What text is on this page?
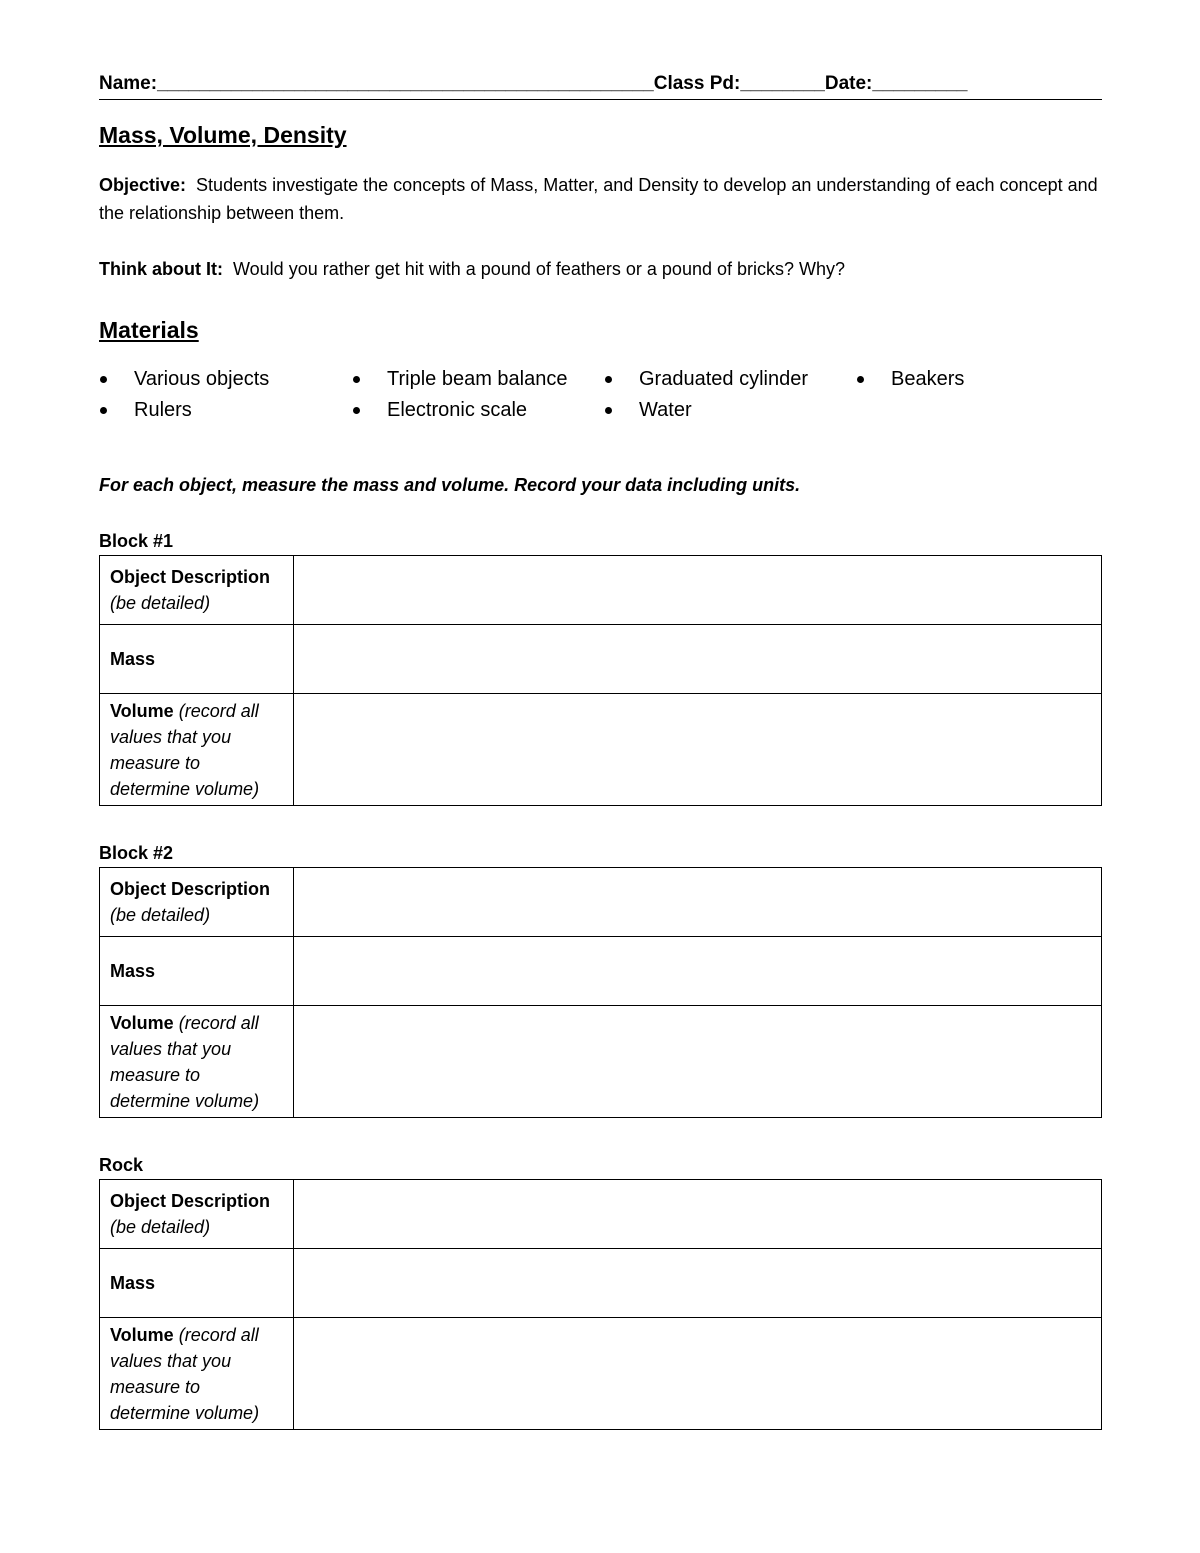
Name:_______________________________________________Class Pd:________Date:_________
Mass, Volume, Density
Objective: Students investigate the concepts of Mass, Matter, and Density to develop an understanding of each concept and the relationship between them.
Think about It: Would you rather get hit with a pound of feathers or a pound of bricks? Why?
Materials
Various objects
Rulers
Triple beam balance
Electronic scale
Graduated cylinder
Water
Beakers
For each object, measure the mass and volume. Record your data including units.
Block #1
Object Description
(be detailed)	
Mass	
Volume (record all values that you measure to determine volume)	
Block #2
Object Description
(be detailed)	
Mass	
Volume (record all values that you measure to determine volume)	
Rock
Object Description
(be detailed)	
Mass	
Volume (record all values that you measure to determine volume)	
